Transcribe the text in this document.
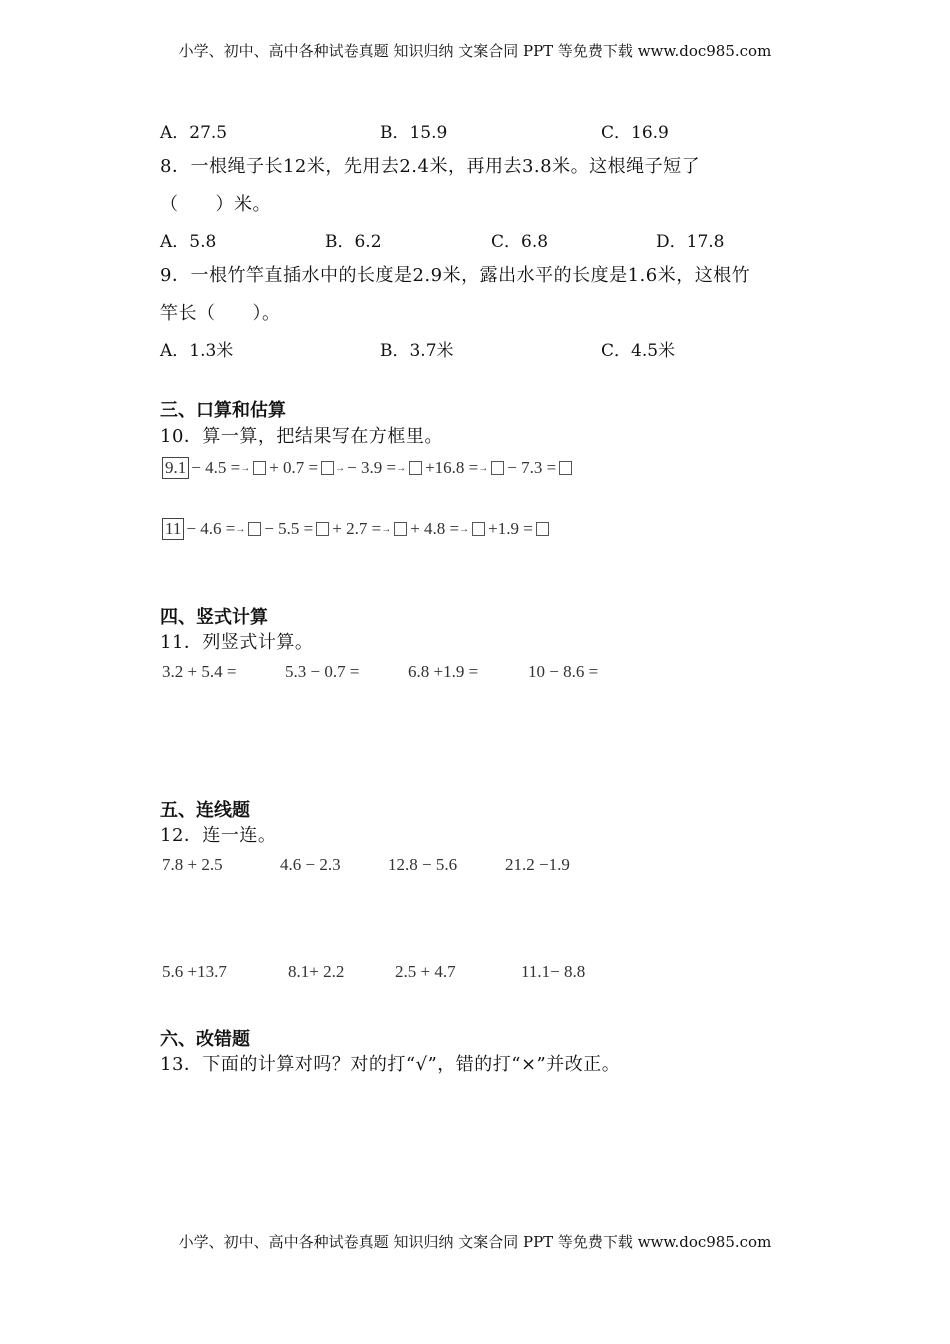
小学、初中、高中各种试卷真题 知识归纳 文案合同 PPT 等免费下载 www.doc985.com
小学、初中、高中各种试卷真题 知识归纳 文案合同 PPT 等免费下载 www.doc985.com
A．27.5	B．15.9	C．16.9
8．一根绳子长12米，先用去2.4米，再用去3.8米。这根绳子短了
（　　）米。
A．5.8	B．6.2	C．6.8	D．17.8
9．一根竹竿直插水中的长度是2.9米，露出水平的长度是1.6米，这根竹
竿长（　　）。
A．1.3米	B．3.7米	C．4.5米
三、口算和估算
10．算一算，把结果写在方框里。
9.1 − 4.5 = → + 0.7 = → − 3.9 = → +16.8 = → − 7.3 =
11 − 4.6 = → − 5.5 = + 2.7 = → + 4.8 = → +1.9 =
四、竖式计算
11．列竖式计算。
3.2 + 5.4 =	5.3 − 0.7 =	6.8 +1.9 =	10 − 8.6 =
五、连线题
12．连一连。
7.8 + 2.5	4.6 − 2.3	12.8 − 5.6	21.2 −1.9
5.6 +13.7	8.1+ 2.2	2.5 + 4.7	11.1− 8.8
六、改错题
13．下面的计算对吗？对的打“√”，错的打“×”并改正。
